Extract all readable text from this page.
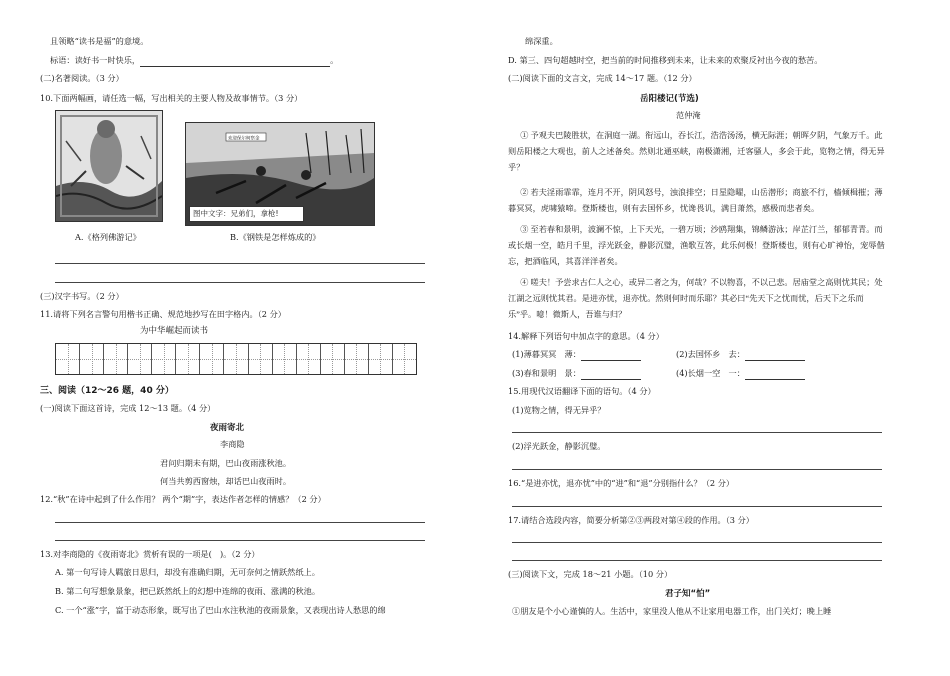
且领略“读书是福”的意境。
标语：读好书一时快乐，	。
(二)名著阅读。（3 分）
10.下面两幅画，请任选一幅，写出相关的主要人物及故事情节。（3 分）
欢迎保尔柯察金
图中文字：兄弟们，拿枪!
A.《格列佛游记》	B.《钢铁是怎样炼成的》
(三)汉字书写。（2 分）
11.请将下列名言警句用楷书正确、规范地抄写在田字格内。（2 分）
为中华崛起而读书
三、阅读（12～26 题，40 分）
(一)阅读下面这首诗，完成 12～13 题。（4 分）
夜雨寄北
李商隐
君问归期未有期，巴山夜雨涨秋池。
何当共剪西窗烛，却话巴山夜雨时。
12.“秋”在诗中起到了什么作用？ 两个“期”字，表达作者怎样的情感？（2 分）
13.对李商隐的《夜雨寄北》赏析有误的一项是(　)。（2 分）
A. 第一句写诗人羁旅日思归，却没有准确归期，无可奈何之情跃然纸上。
B. 第二句写想象景象，把已跃然纸上的幻想中连绵的夜雨、涨满的秋池。
C. 一个“涨”字，富于动态形象，既写出了巴山水注秋池的夜雨景象，又表现出诗人愁思的绵
绵深重。
D. 第三、四句超越时空，把当前的时间推移到未来，让未来的欢聚反衬出今夜的愁苦。
(二)阅读下面的文言文，完成 14～17 题。（12 分）
岳阳楼记(节选)
范仲淹
① 予观夫巴陵胜状，在洞庭一湖。衔远山，吞长江，浩浩汤汤，横无际涯；朝晖夕阴，气象万千。此则岳阳楼之大观也，前人之述备矣。然则北通巫峡，南极潇湘，迁客骚人，多会于此，览物之情，得无异乎？
② 若夫淫雨霏霏，连月不开，阴风怒号，浊浪排空；日星隐曜，山岳潜形；商旅不行，樯倾楫摧；薄暮冥冥，虎啸猿啼。登斯楼也，则有去国怀乡，忧谗畏讥，满目萧然，感极而悲者矣。
③ 至若春和景明，波澜不惊，上下天光，一碧万顷；沙鸥翔集，锦鳞游泳；岸芷汀兰，郁郁青青。而或长烟一空，皓月千里，浮光跃金，静影沉璧，渔歌互答，此乐何极！登斯楼也，则有心旷神怡，宠辱偕忘，把酒临风，其喜洋洋者矣。
④ 嗟夫！予尝求古仁人之心，或异二者之为，何哉？不以物喜，不以己悲。居庙堂之高则忧其民；处江湖之远则忧其君。是进亦忧，退亦忧。然则何时而乐耶？其必曰“先天下之忧而忧，后天下之乐而乐”乎。噫！微斯人，吾谁与归？
14.解释下列语句中加点字的意思。（4 分）
(1)薄暮冥冥　薄：	(2)去国怀乡　去：
(3)春和景明　景：	(4)长烟一空　一：
15.用现代汉语翻译下面的语句。（4 分）
(1)览物之情，得无异乎？
(2)浮光跃金，静影沉璧。
16.“是进亦忧，退亦忧”中的“进”和“退”分别指什么？（2 分）
17.请结合选段内容，简要分析第②③两段对第④段的作用。（3 分）
(三)阅读下文，完成 18～21 小题。（10 分）
君子知“怕”
①朋友是个小心谨慎的人。生活中，家里没人他从不让家用电器工作，出门关灯；晚上睡
